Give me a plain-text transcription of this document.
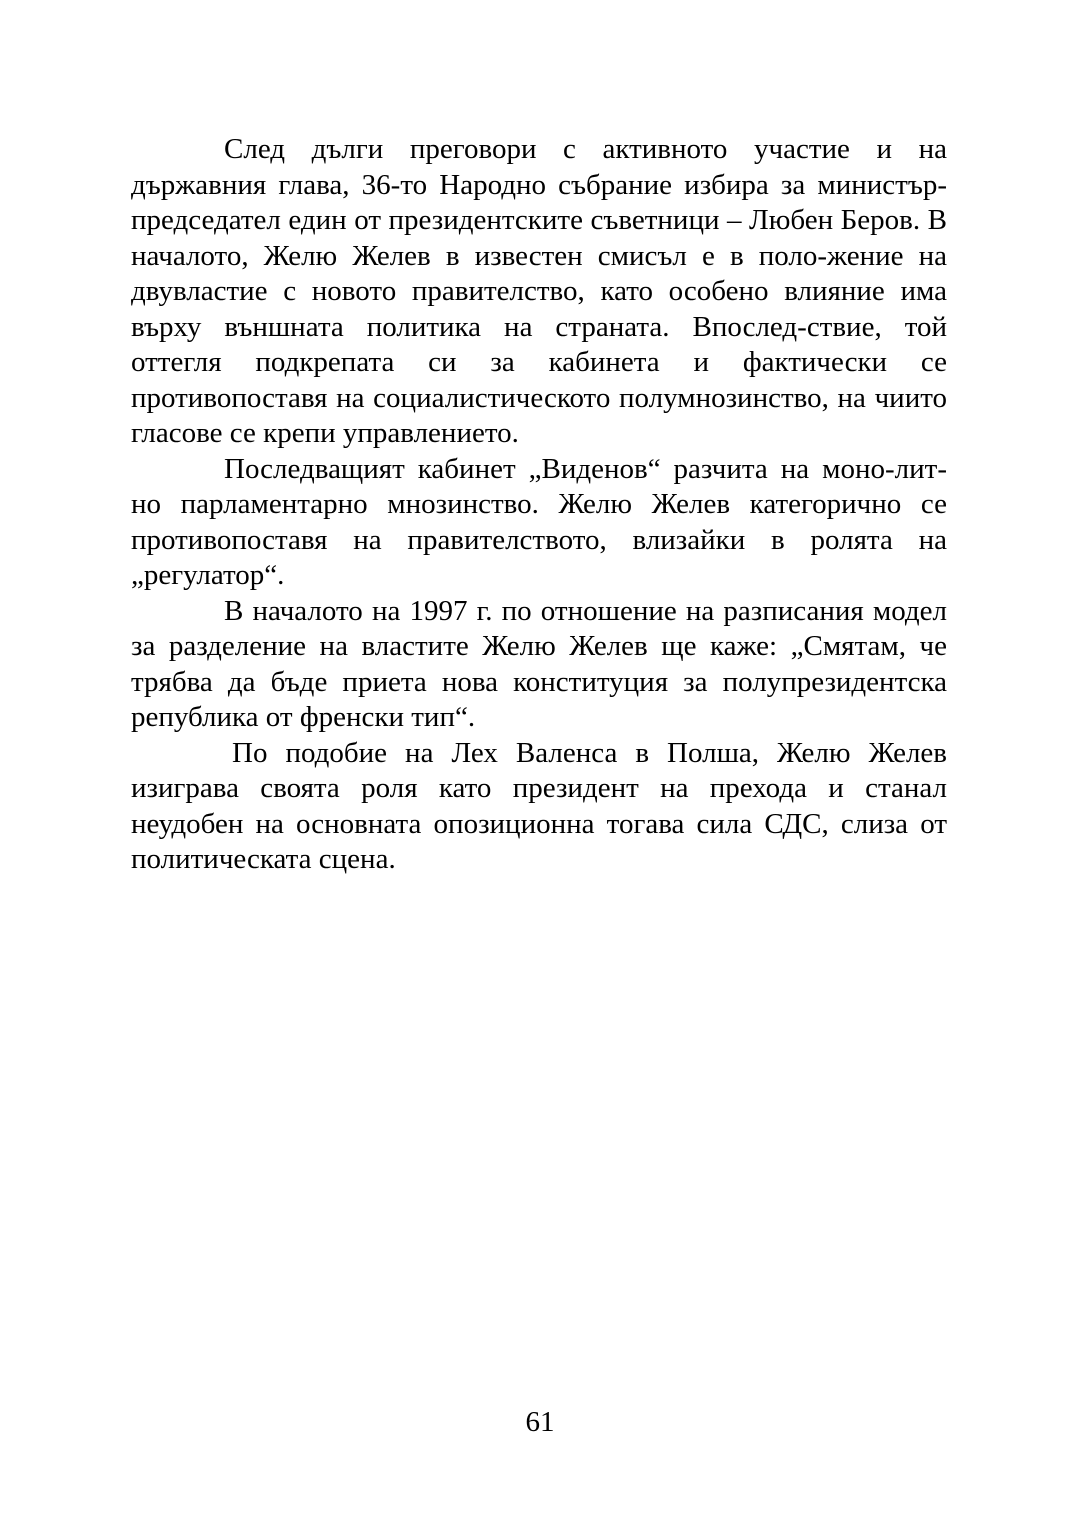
След дълги преговори с активното участие и на държавния глава, 36-то Народно събрание избира за министър-председател един от президентските съветници – Любен Беров. В началото, Желю Желев в известен смисъл е в поло-жение на двувластие с новото правителство, като особено влияние има върху външната политика на страната. Впослед-ствие, той оттегля подкрепата си за кабинета и фактически се противопоставя на социалистическото полумнозинство, на чиито гласове се крепи управлението.

Последващият кабинет „Виденов“ разчита на моно-лит-но парламентарно мнозинство. Желю Желев категорично се противопоставя на правителството, влизайки в ролята на „регулатор“.

В началото на 1997 г. по отношение на разписания модел за разделение на властите Желю Желев ще каже: „Смятам, че трябва да бъде приета нова конституция за полупрезидентска република от френски тип“.

По подобие на Лех Валенса в Полша, Желю Желев изиграва своята роля като президент на прехода и станал неудобен на основната опозиционна тогава сила СДС, слиза от политическата сцена.

61
